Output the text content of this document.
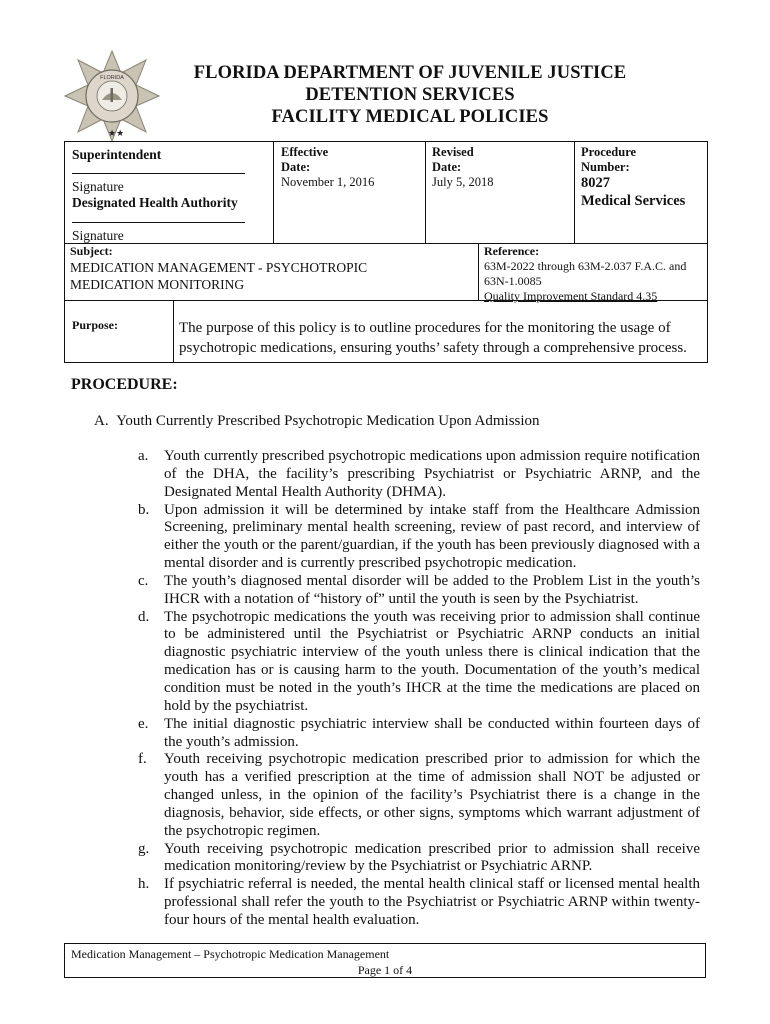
FLORIDA
★★
FLORIDA DEPARTMENT OF JUVENILE JUSTICE
DETENTION SERVICES
FACILITY MEDICAL POLICIES
Superintendent
Signature
Designated Health Authority
Signature
Effective
Date:
November 1, 2016
Revised
Date:
July 5, 2018
Procedure
Number:
8027
Medical Services
Subject:
MEDICATION MANAGEMENT - PSYCHOTROPIC
MEDICATION MONITORING
Reference:
63M-2022 through 63M-2.037 F.A.C. and
63N-1.0085
Quality Improvement Standard 4.35
Purpose:	The purpose of this policy is to outline procedures for the monitoring the usage of psychotropic medications, ensuring youths’ safety through a comprehensive process.
PROCEDURE:
A.  Youth Currently Prescribed Psychotropic Medication Upon Admission
a. Youth currently prescribed psychotropic medications upon admission require notification of the DHA, the facility’s prescribing Psychiatrist or Psychiatric ARNP, and the Designated Mental Health Authority (DHMA).
b. Upon admission it will be determined by intake staff from the Healthcare Admission Screening, preliminary mental health screening, review of past record, and interview of either the youth or the parent/guardian, if the youth has been previously diagnosed with a mental disorder and is currently prescribed psychotropic medication.
c. The youth’s diagnosed mental disorder will be added to the Problem List in the youth’s IHCR with a notation of “history of” until the youth is seen by the Psychiatrist.
d. The psychotropic medications the youth was receiving prior to admission shall continue to be administered until the Psychiatrist or Psychiatric ARNP conducts an initial diagnostic psychiatric interview of the youth unless there is clinical indication that the medication has or is causing harm to the youth. Documentation of the youth’s medical condition must be noted in the youth’s IHCR at the time the medications are placed on hold by the psychiatrist.
e. The initial diagnostic psychiatric interview shall be conducted within fourteen days of the youth’s admission.
f. Youth receiving psychotropic medication prescribed prior to admission for which the youth has a verified prescription at the time of admission shall NOT be adjusted or changed unless, in the opinion of the facility’s Psychiatrist there is a change in the diagnosis, behavior, side effects, or other signs, symptoms which warrant adjustment of the psychotropic regimen.
g. Youth receiving psychotropic medication prescribed prior to admission shall receive medication monitoring/review by the Psychiatrist or Psychiatric ARNP.
h. If psychiatric referral is needed, the mental health clinical staff or licensed mental health professional shall refer the youth to the Psychiatrist or Psychiatric ARNP within twenty-four hours of the mental health evaluation.
Medication Management – Psychotropic Medication Management
Page 1 of 4
